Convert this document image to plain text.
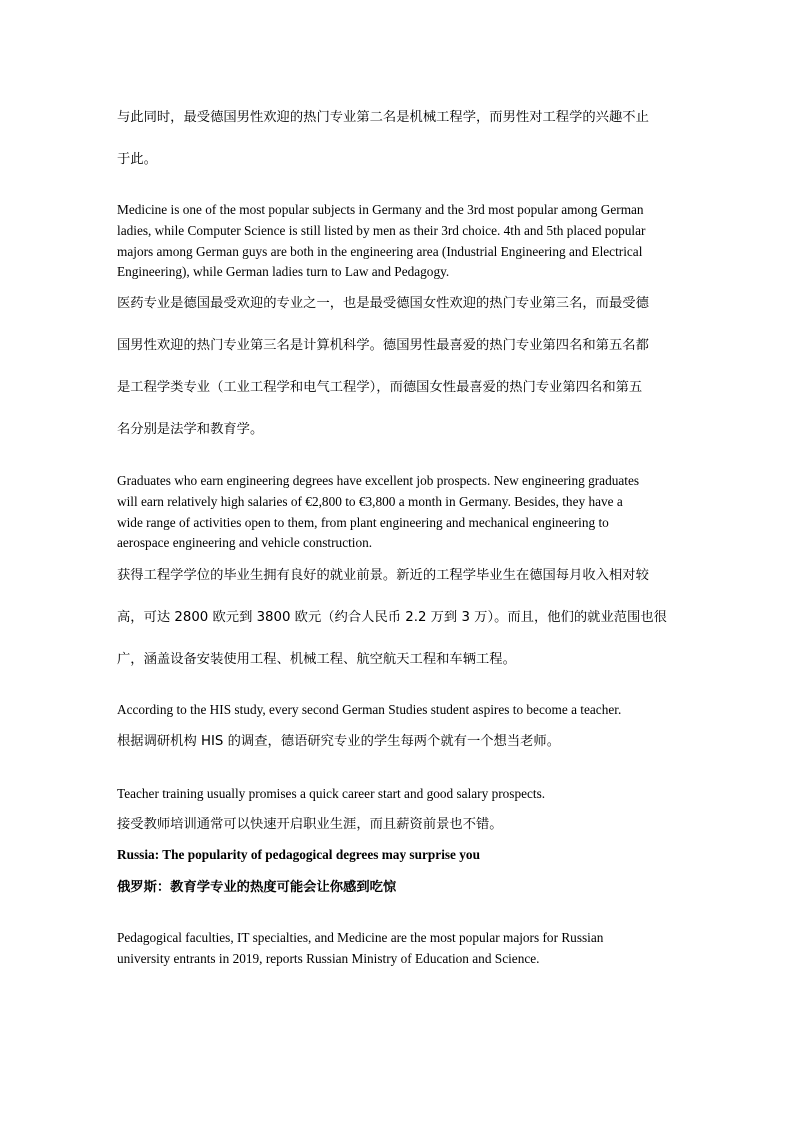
与此同时，最受德国男性欢迎的热门专业第二名是机械工程学，而男性对工程学的兴趣不止
于此。
Medicine is one of the most popular subjects in Germany and the 3rd most popular among German
ladies, while Computer Science is still listed by men as their 3rd choice. 4th and 5th placed popular
majors among German guys are both in the engineering area (Industrial Engineering and Electrical
Engineering), while German ladies turn to Law and Pedagogy.
医药专业是德国最受欢迎的专业之一，也是最受德国女性欢迎的热门专业第三名，而最受德
国男性欢迎的热门专业第三名是计算机科学。德国男性最喜爱的热门专业第四名和第五名都
是工程学类专业（工业工程学和电气工程学），而德国女性最喜爱的热门专业第四名和第五
名分别是法学和教育学。
Graduates who earn engineering degrees have excellent job prospects. New engineering graduates
will earn relatively high salaries of €2,800 to €3,800 a month in Germany. Besides, they have a
wide range of activities open to them, from plant engineering and mechanical engineering to
aerospace engineering and vehicle construction.
获得工程学学位的毕业生拥有良好的就业前景。新近的工程学毕业生在德国每月收入相对较
高，可达 2800 欧元到 3800 欧元（约合人民币 2.2 万到 3 万）。而且，他们的就业范围也很
广，涵盖设备安装使用工程、机械工程、航空航天工程和车辆工程。
According to the HIS study, every second German Studies student aspires to become a teacher.
根据调研机构 HIS 的调查，德语研究专业的学生每两个就有一个想当老师。
Teacher training usually promises a quick career start and good salary prospects.
接受教师培训通常可以快速开启职业生涯，而且薪资前景也不错。
Russia: The popularity of pedagogical degrees may surprise you
俄罗斯：教育学专业的热度可能会让你感到吃惊
Pedagogical faculties, IT specialties, and Medicine are the most popular majors for Russian
university entrants in 2019, reports Russian Ministry of Education and Science.
